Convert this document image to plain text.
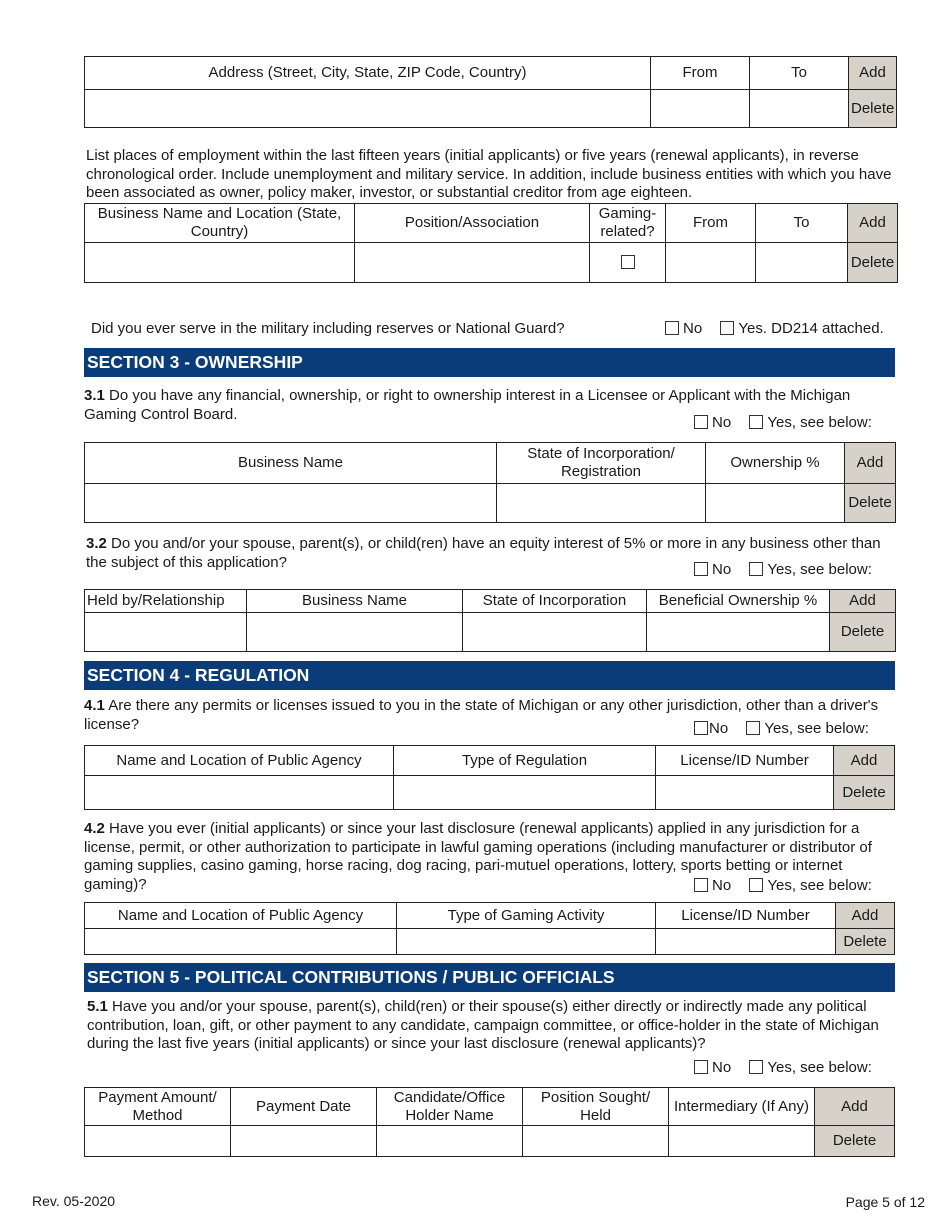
Address (Street, City, State, ZIP Code, Country)	From	To	Add
			Delete
List places of employment within the last fifteen years (initial applicants) or five years (renewal applicants), in reverse chronological order. Include unemployment and military service. In addition, include business entities with which you have been associated as owner, policy maker, investor, or substantial creditor from age eighteen.
Business Name and Location (State, Country)	Position/Association	Gaming-related?	From	To	Add
					Delete
Did you ever serve in the military including reserves or National Guard?	No Yes. DD214 attached.
SECTION 3 - OWNERSHIP
3.1 Do you have any financial, ownership, or right to ownership interest in a Licensee or Applicant with the Michigan Gaming Control Board.	No Yes, see below:
Business Name	State of Incorporation/ Registration	Ownership %	Add
			Delete
3.2 Do you and/or your spouse, parent(s), or child(ren) have an equity interest of 5% or more in any business other than the subject of this application?	No Yes, see below:
Held by/Relationship	Business Name	State of Incorporation	Beneficial Ownership %	Add
				Delete
SECTION 4 - REGULATION
4.1 Are there any permits or licenses issued to you in the state of Michigan or any other jurisdiction, other than a driver's license?	No Yes, see below:
Name and Location of Public Agency	Type of Regulation	License/ID Number	Add
			Delete
4.2 Have you ever (initial applicants) or since your last disclosure (renewal applicants) applied in any jurisdiction for a license, permit, or other authorization to participate in lawful gaming operations (including manufacturer or distributor of gaming supplies, casino gaming, horse racing, dog racing, pari-mutuel operations, lottery, sports betting or internet gaming)?	No Yes, see below:
Name and Location of Public Agency	Type of Gaming Activity	License/ID Number	Add
			Delete
SECTION 5 - POLITICAL CONTRIBUTIONS / PUBLIC OFFICIALS
5.1 Have you and/or your spouse, parent(s), child(ren) or their spouse(s) either directly or indirectly made any political contribution, loan, gift, or other payment to any candidate, campaign committee, or office-holder in the state of Michigan during the last five years (initial applicants) or since your last disclosure (renewal applicants)?
No Yes, see below:
Payment Amount/ Method	Payment Date	Candidate/Office Holder Name	Position Sought/ Held	Intermediary (If Any)	Add
					Delete
Rev. 05-2020	Page 5 of 12
